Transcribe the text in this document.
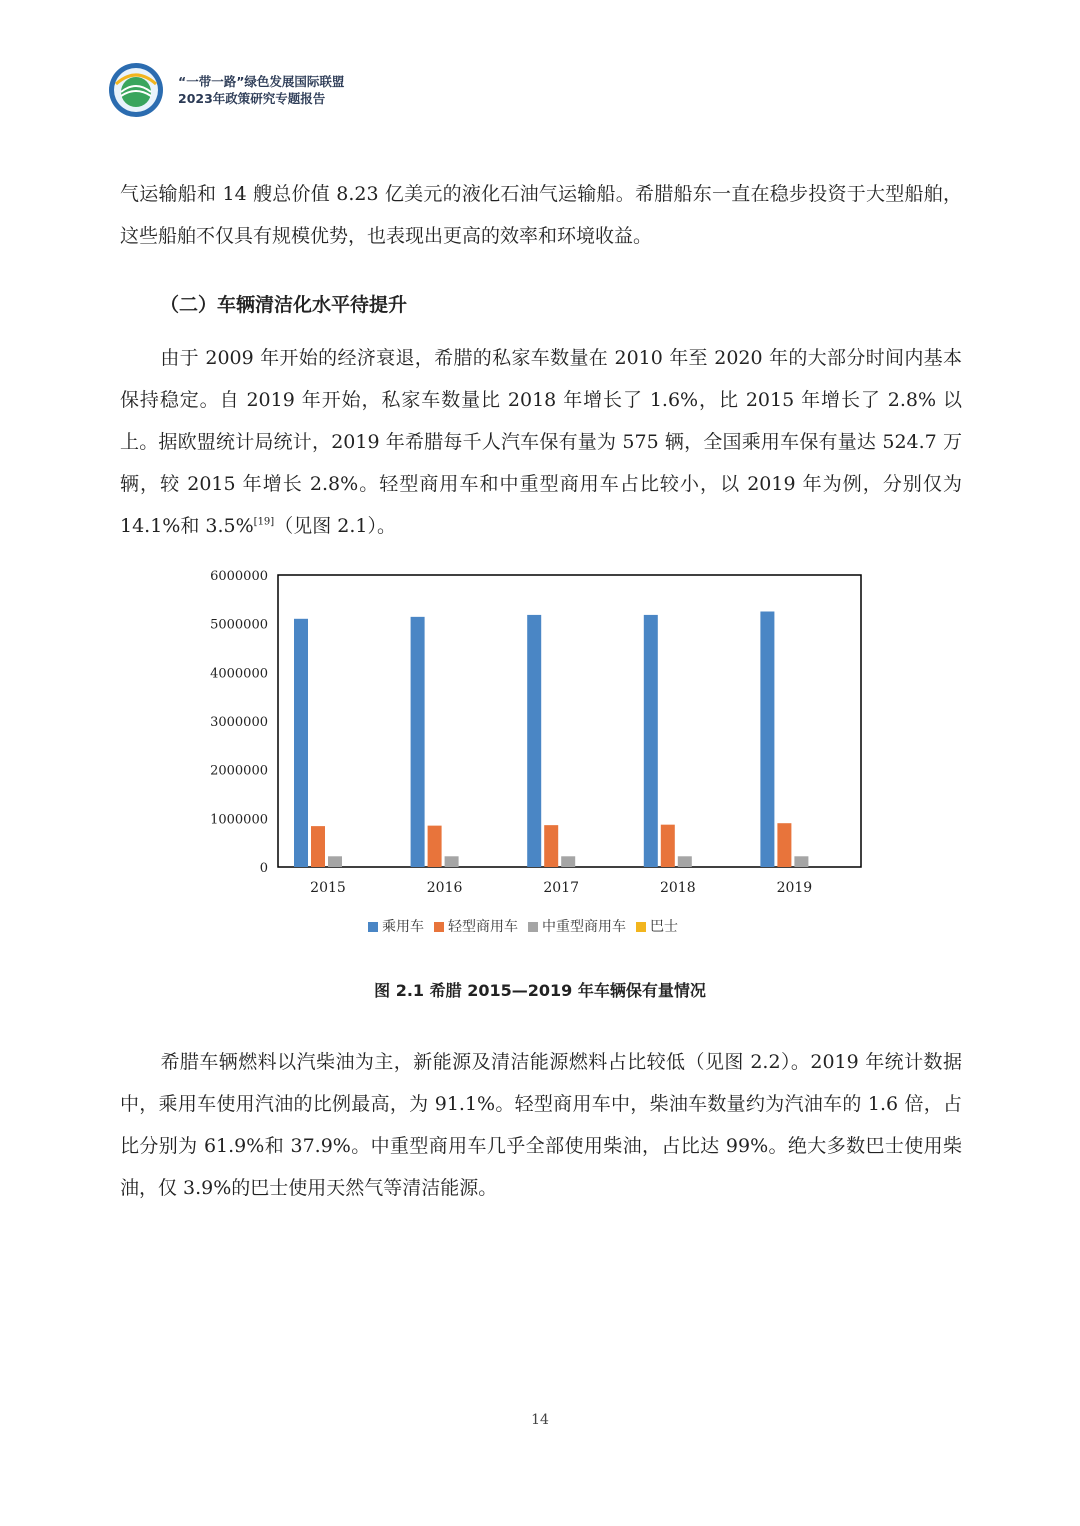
“一带一路”绿色发展国际联盟
2023年政策研究专题报告

气运输船和 14 艘总价值 8.23 亿美元的液化石油气运输船。希腊船东一直在稳步投资于大型船舶，这些船舶不仅具有规模优势，也表现出更高的效率和环境收益。

（二）车辆清洁化水平待提升

由于 2009 年开始的经济衰退，希腊的私家车数量在 2010 年至 2020 年的大部分时间内基本保持稳定。自 2019 年开始，私家车数量比 2018 年增长了 1.6%，比 2015 年增长了 2.8% 以上。据欧盟统计局统计，2019 年希腊每千人汽车保有量为 575 辆，全国乘用车保有量达 524.7 万辆，较 2015 年增长 2.8%。轻型商用车和中重型商用车占比较小，以 2019 年为例，分别仅为 14.1%和 3.5%[19]（见图 2.1）。

0
1000000
2000000
3000000
4000000
5000000
6000000
2015	2016	2017	2018	2019
乘用车 轻型商用车 中重型商用车 巴士
图 2.1 希腊 2015—2019 年车辆保有量情况

希腊车辆燃料以汽柴油为主，新能源及清洁能源燃料占比较低（见图 2.2）。2019 年统计数据中，乘用车使用汽油的比例最高，为 91.1%。轻型商用车中，柴油车数量约为汽油车的 1.6 倍，占比分别为 61.9%和 37.9%。中重型商用车几乎全部使用柴油，占比达 99%。绝大多数巴士使用柴油，仅 3.9%的巴士使用天然气等清洁能源。

14
